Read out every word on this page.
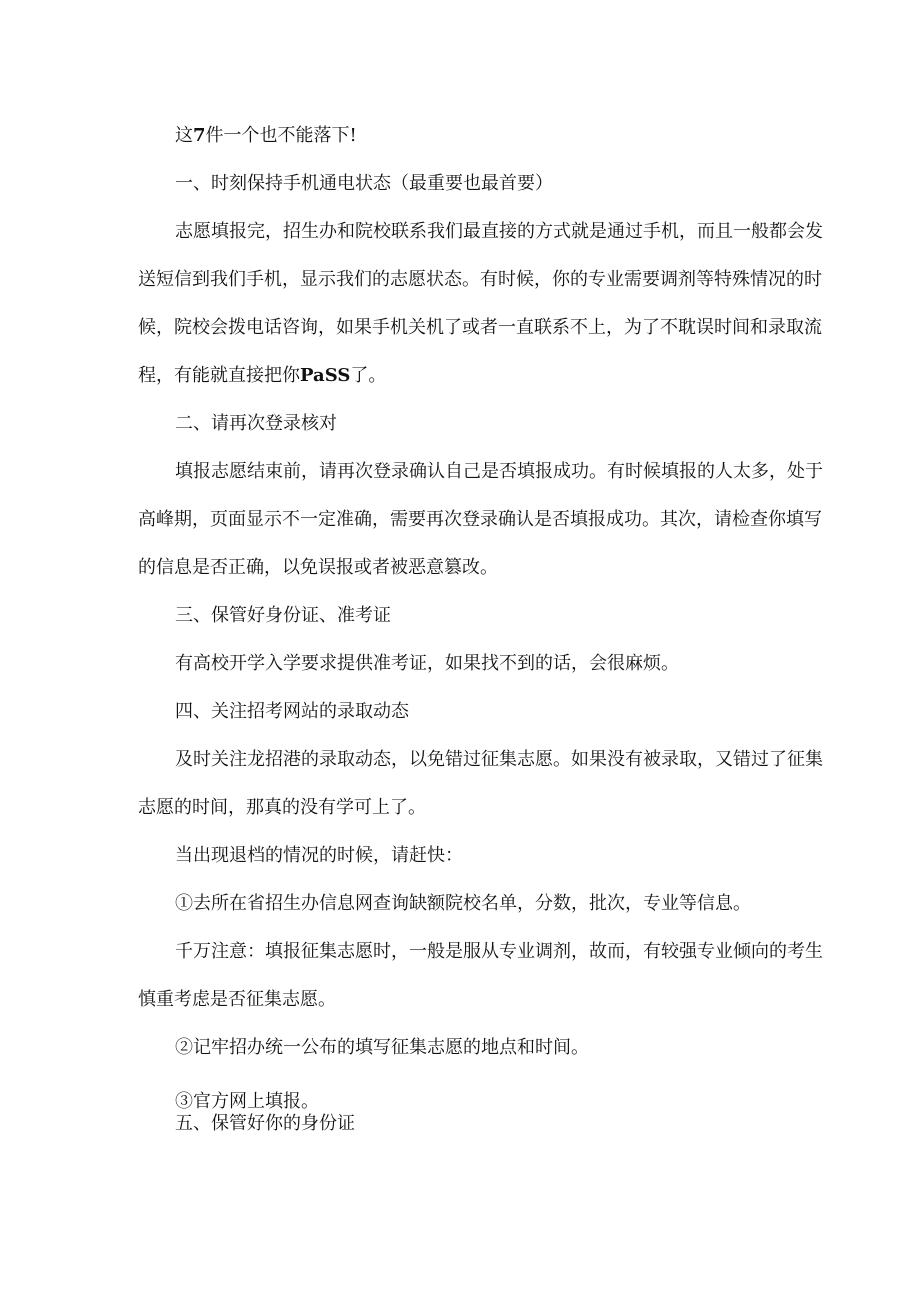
这7件一个也不能落下!

一、时刻保持手机通电状态（最重要也最首要）

志愿填报完，招生办和院校联系我们最直接的方式就是通过手机，而且一般都会发

送短信到我们手机，显示我们的志愿状态。有时候，你的专业需要调剂等特殊情况的时

候，院校会拨电话咨询，如果手机关机了或者一直联系不上，为了不耽误时间和录取流

程，有能就直接把你PaSS了。

二、请再次登录核对

填报志愿结束前，请再次登录确认自己是否填报成功。有时候填报的人太多，处于

高峰期，页面显示不一定准确，需要再次登录确认是否填报成功。其次，请检查你填写

的信息是否正确，以免误报或者被恶意篡改。

三、保管好身份证、准考证

有高校开学入学要求提供准考证，如果找不到的话，会很麻烦。

四、关注招考网站的录取动态

及时关注龙招港的录取动态，以免错过征集志愿。如果没有被录取，又错过了征集

志愿的时间，那真的没有学可上了。

当出现退档的情况的时候，请赶快：

①去所在省招生办信息网查询缺额院校名单，分数，批次，专业等信息。

千万注意：填报征集志愿时，一般是服从专业调剂，故而，有较强专业倾向的考生

慎重考虑是否征集志愿。

②记牢招办统一公布的填写征集志愿的地点和时间。

③官方网上填报。

五、保管好你的身份证
